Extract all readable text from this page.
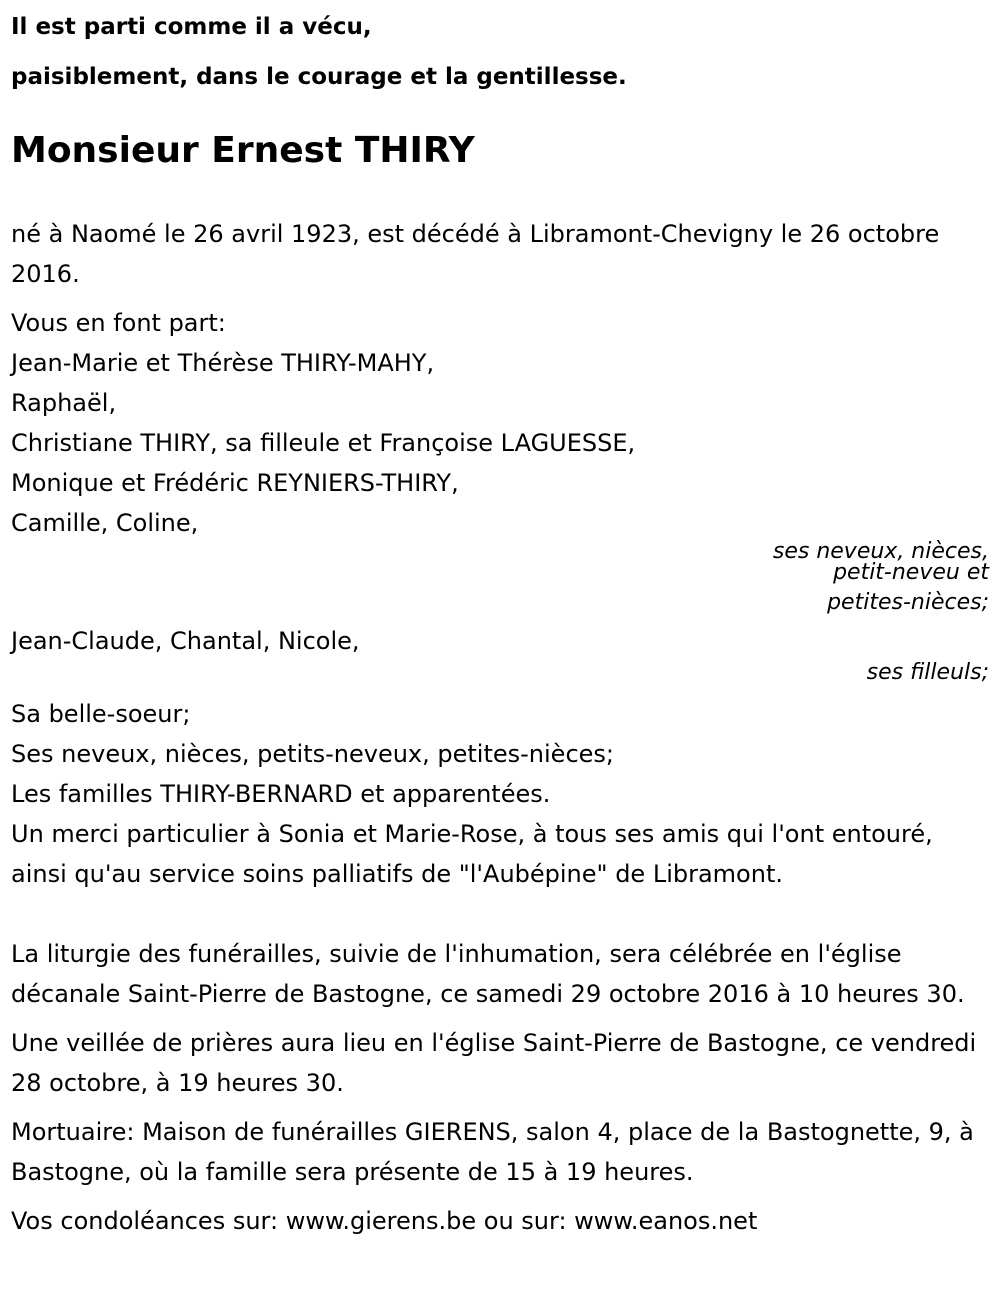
Il est parti comme il a vécu,
paisiblement, dans le courage et la gentillesse.
Monsieur Ernest THIRY

né à Naomé le 26 avril 1923, est décédé à Libramont-Chevigny le 26 octobre 2016.

Vous en font part:
Jean-Marie et Thérèse THIRY-MAHY,
Raphaël,
Christiane THIRY, sa filleule et Françoise LAGUESSE,
Monique et Frédéric REYNIERS-THIRY,
Camille, Coline,
ses neveux, nièces,
petit-neveu et
petites-nièces;
Jean-Claude, Chantal, Nicole,
ses filleuls;
Sa belle-soeur;
Ses neveux, nièces, petits-neveux, petites-nièces;
Les familles THIRY-BERNARD et apparentées.

Un merci particulier à Sonia et Marie-Rose, à tous ses amis qui l'ont entouré, ainsi qu'au service soins palliatifs de "l'Aubépine" de Libramont.

La liturgie des funérailles, suivie de l'inhumation, sera célébrée en l'église décanale Saint-Pierre de Bastogne, ce samedi 29 octobre 2016 à 10 heures 30.

Une veillée de prières aura lieu en l'église Saint-Pierre de Bastogne, ce vendredi 28 octobre, à 19 heures 30.

Mortuaire: Maison de funérailles GIERENS, salon 4, place de la Bastognette, 9, à Bastogne, où la famille sera présente de 15 à 19 heures.

Vos condoléances sur: www.gierens.be ou sur: www.eanos.net
